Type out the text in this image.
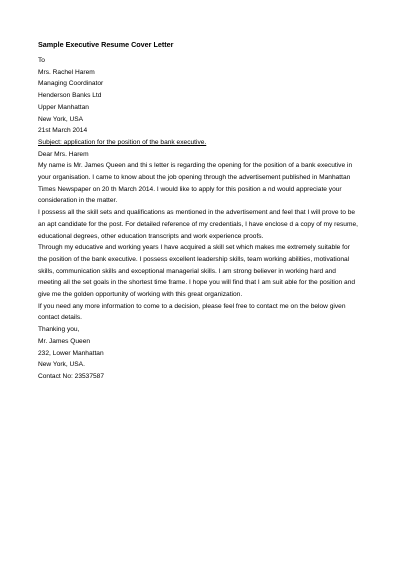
Sample Executive Resume Cover Letter
To
Mrs. Rachel Harem
Managing Coordinator
Henderson Banks Ltd
Upper Manhattan
New York, USA
21st March 2014
Subject: application for the position of the bank executive.
Dear Mrs. Harem
My name is Mr. James Queen and thi s letter is regarding the opening for the position of a bank executive in
your organisation. I came to know about the job opening through the advertisement published in Manhattan
Times Newspaper on 20 th March 2014. I would like to apply for this position a nd would appreciate your
consideration in the matter.
I possess all the skill sets and qualifications as mentioned in the advertisement and feel that I will prove to be
an apt candidate for the post. For detailed reference of my credentials, I have enclose d a copy of my resume,
educational degrees, other education transcripts and work experience proofs.
Through my educative and working years I have acquired a skill set which makes me extremely suitable for
the position of the bank executive. I possess excellent leadership skills, team working abilities, motivational
skills, communication skills and exceptional managerial skills. I am strong believer in working hard and
meeting all the set goals in the shortest time frame. I hope you will find that I am suit able for the position and
give me the golden opportunity of working with this great organization.
If you need any more information to come to a decision, please feel free to contact me on the below given
contact details.
Thanking you,
Mr. James Queen
232, Lower Manhattan
New York, USA.
Contact No: 23537587
